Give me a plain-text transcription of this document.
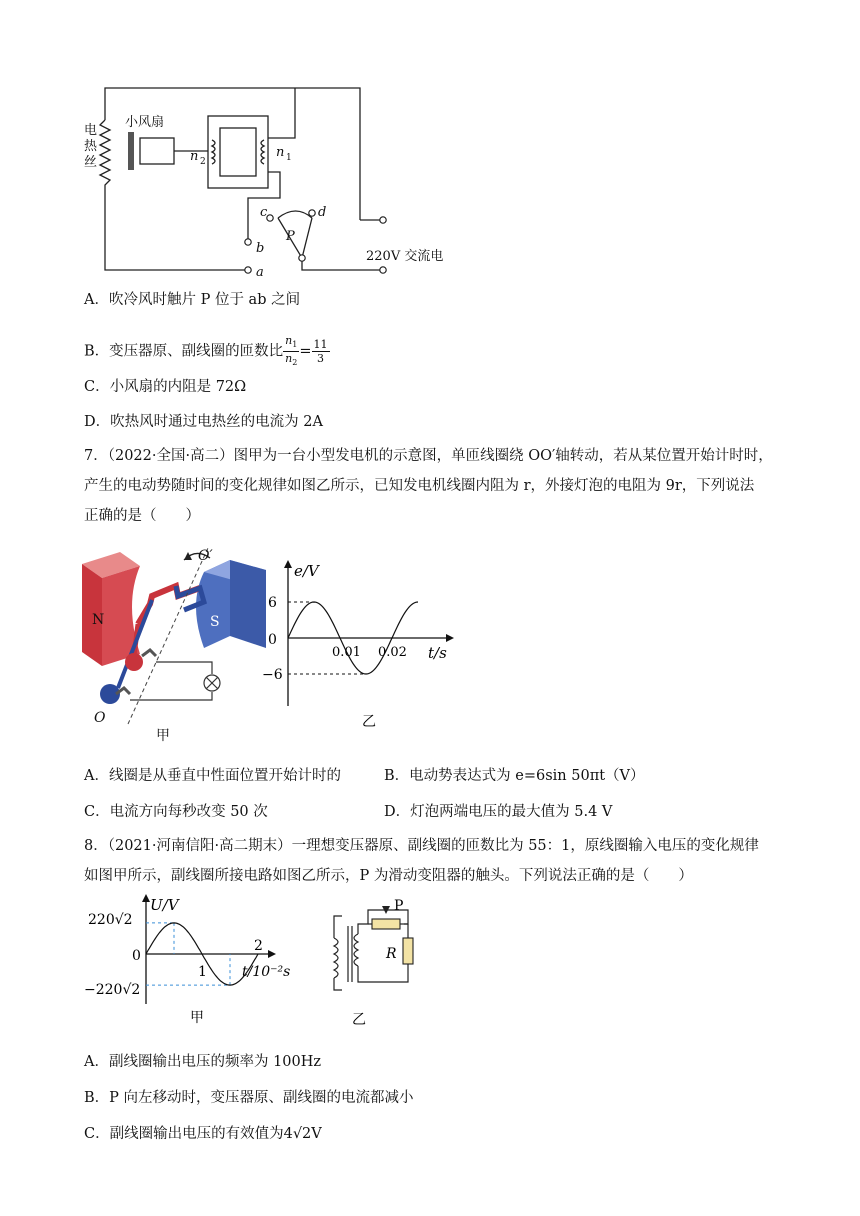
小风扇
电
热
丝	n 2
n 1
c	d
b
a
P
220V 交流电
A．吹冷风时触片 P 位于 ab 之间
B．变压器原、副线圈的匝数比 $\frac{n_1}{n_2} = \frac{11}{3}$
C．小风扇的内阻是 72Ω
D．吹热风时通过电热丝的电流为 2A
7．（2022·全国·高二）图甲为一台小型发电机的示意图，单匝线圈绕 OO′轴转动，若从某位置开始计时时，
产生的电动势随时间的变化规律如图乙所示，已知发电机线圈内阻为 r，外接灯泡的电阻为 9r，下列说法
正确的是（　　）
N	S
O′
O
甲
e/V
t/s
6
0
−6
0.01 0.02
乙
A．线圈是从垂直中性面位置开始计时的	B．电动势表达式为 e=6sin 50πt（V）
C．电流方向每秒改变 50 次	D．灯泡两端电压的最大值为 5.4 V
8．（2021·河南信阳·高二期末）一理想变压器原、副线圈的匝数比为 55：1，原线圈输入电压的变化规律
如图甲所示，副线圈所接电路如图乙所示，P 为滑动变阻器的触头。下列说法正确的是（　　）
U/V
t/10⁻²s
220√2
0
−220√2
1
2
甲
P
R
乙
A．副线圈输出电压的频率为 100Hz
B．P 向左移动时，变压器原、副线圈的电流都减小
C．副线圈输出电压的有效值为4√2V
